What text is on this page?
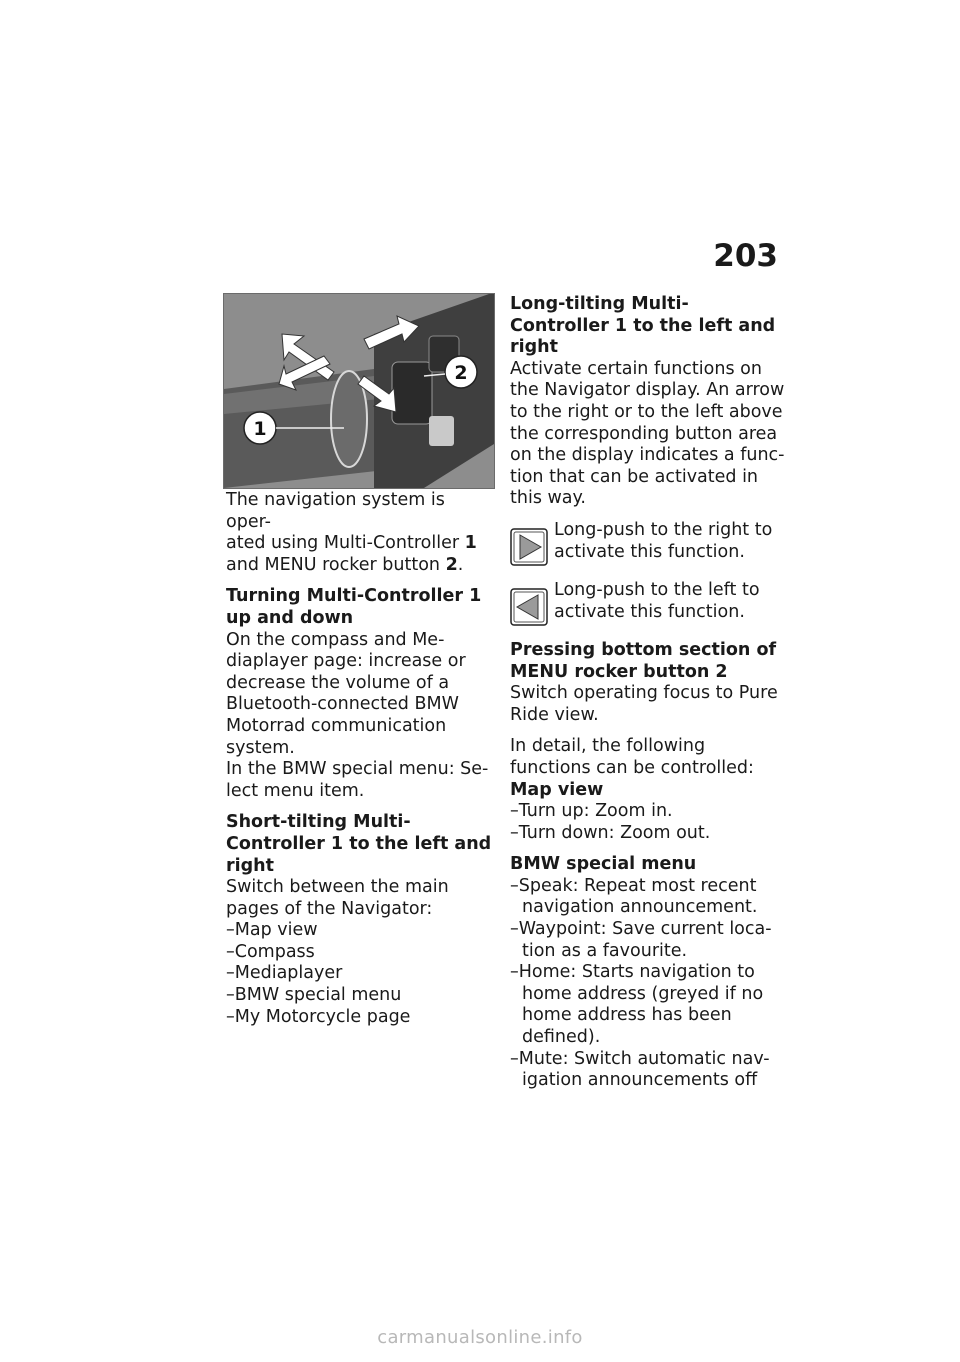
203
1
2

The navigation system is oper-
ated using Multi-Controller 1
and MENU rocker button 2.

Turning Multi-Controller 1 up and down

On the compass and Me-diaplayer page: increase or decrease the volume of a Bluetooth-connected BMW Motorrad communication system.

In the BMW special menu: Se-lect menu item.

Short-tilting Multi-Controller 1 to the left and right

Switch between the main pages of the Navigator:

– Map view
– Compass
– Mediaplayer
– BMW special menu
– My Motorcycle page

Long-tilting Multi-Controller 1 to the left and right

Activate certain functions on the Navigator display. An arrow to the right or to the left above the corresponding button area on the display indicates a func-tion that can be activated in this way.

Long-push to the right to activate this function.
Long-push to the left to activate this function.

Pressing bottom section of MENU rocker button 2

Switch operating focus to Pure Ride view.

In detail, the following functions can be controlled:

Map view

– Turn up: Zoom in.
– Turn down: Zoom out.

BMW special menu

– Speak: Repeat most recent navigation announcement.
– Waypoint: Save current loca-tion as a favourite.
– Home: Starts navigation to home address (greyed if no home address has been defined).
– Mute: Switch automatic nav-igation announcements off
carmanualsonline.info
